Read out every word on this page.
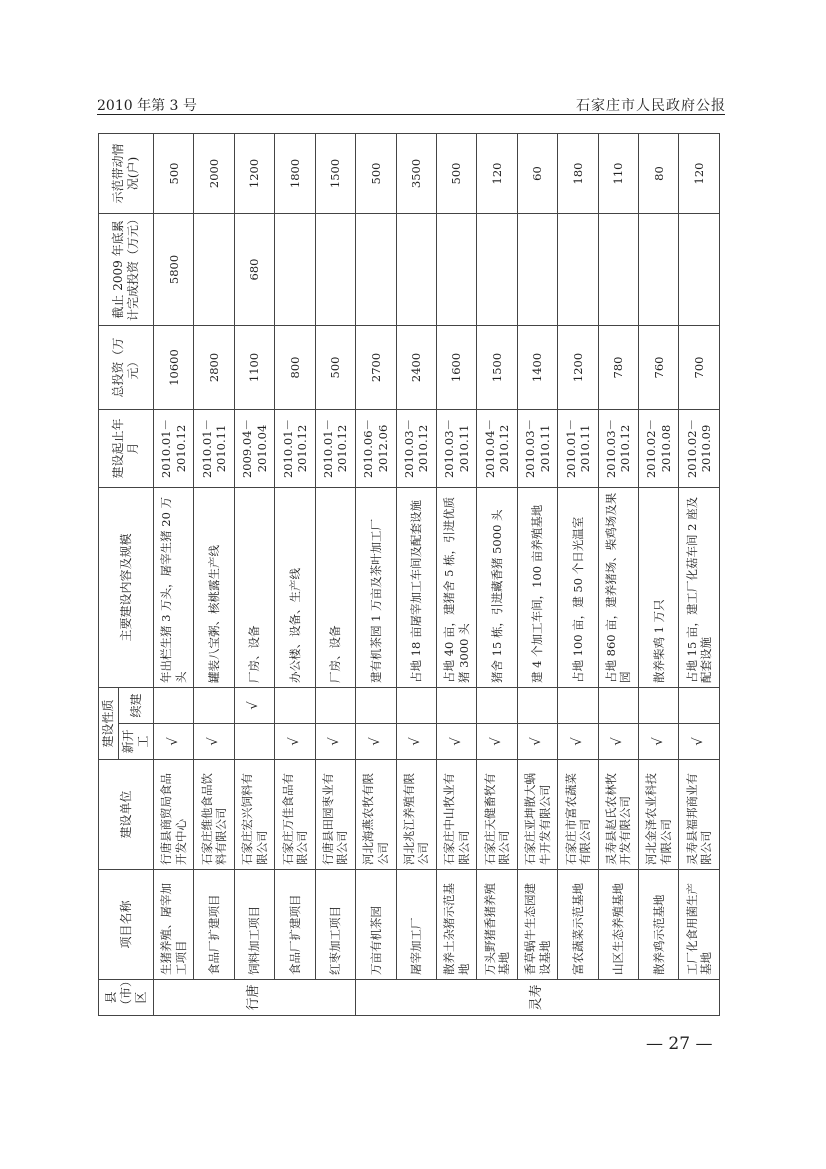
2010 年第 3 号	石家庄市人民政府公报
县（市）区	项目名称	建设单位	建设性质		主要建设内容及规模	建设起止年月	总投资（万元）	截止 2009 年底累计完成投资（万元）	示范带动情况(户)
			新开工	续建					
行唐	生猪养殖、屠宰加工项目	行唐县商贸局食品开发中心	√		年出栏生猪 3 万头，屠宰生猪 20 万头	2010.01－2010.12	10600	5800	500
	食品厂扩建项目	石家庄维他食品饮料有限公司	√		罐装八宝粥、核桃露生产线	2010.01－2010.11	2800		2000
	饲料加工项目	石家庄宏兴饲料有限公司		√	厂房、设备	2009.04－2010.04	1100	680	1200
	食品厂扩建项目	石家庄万佳食品有限公司	√		办公楼、设备、生产线	2010.01－2010.12	800		1800
	红枣加工项目	行唐县田园枣业有限公司	√		厂房、设备	2010.01－2010.12	500		1500
灵寿	万亩有机茶园	河北海燕农牧有限公司	√		建有机茶园 1 万亩及茶叶加工厂	2010.06－2012.06	2700		500
	屠宰加工厂	河北兆江养殖有限公司	√		占地 18 亩屠宰加工车间及配套设施	2010.03－2010.12	2400		3500
	散养土杂猪示范基地	石家庄中山牧业有限公司	√		占地 40 亩，建猪舍 5 栋，引进优质猪 3000 头	2010.03－2010.11	1600		500
	万头野猪香猪养殖基地	石家庄天健畜牧有限公司	√		猪舍 15 栋，引进藏香猪 5000 头	2010.04－2010.12	1500		120
	香草蜗牛生态园建设基地	石家庄亚坤散大蜗牛开发有限公司	√		建 4 个加工车间，100 亩养殖基地	2010.03－2010.11	1400		60
	富农蔬菜示范基地	石家庄市富农蔬菜有限公司	√		占地 100 亩，建 50 个日光温室	2010.01－2010.11	1200		180
	山区生态养殖基地	灵寿县赵氏农林牧开发有限公司	√		占地 860 亩，建养猪场、柴鸡场及果园	2010.03－2010.12	780		110
	散养鸡示范基地	河北金泽农业科技有限公司	√		散养柴鸡 1 万只	2010.02－2010.08	760		80
	工厂化食用菌生产基地	灵寿县福邦商业有限公司	√		占地 15 亩，建工厂化菇车间 2 座及配套设施	2010.02－2010.09	700		120
— 27 —
